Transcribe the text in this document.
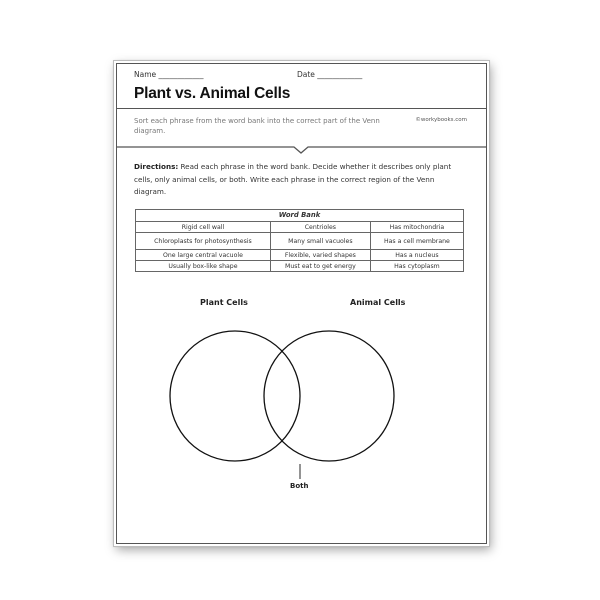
Name ____________	Date ____________
Plant vs. Animal Cells
Sort each phrase from the word bank into the correct part of the Venn diagram.
©workybooks.com
Directions: Read each phrase in the word bank. Decide whether it describes only plant cells, only animal cells, or both. Write each phrase in the correct region of the Venn diagram.
Word Bank		
Rigid cell wall	Centrioles	Has mitochondria
Chloroplasts for photosynthesis	Many small vacuoles	Has a cell membrane
One large central vacuole	Flexible, varied shapes	Has a nucleus
Usually box-like shape	Must eat to get energy	Has cytoplasm
Plant Cells	Animal Cells
Both
